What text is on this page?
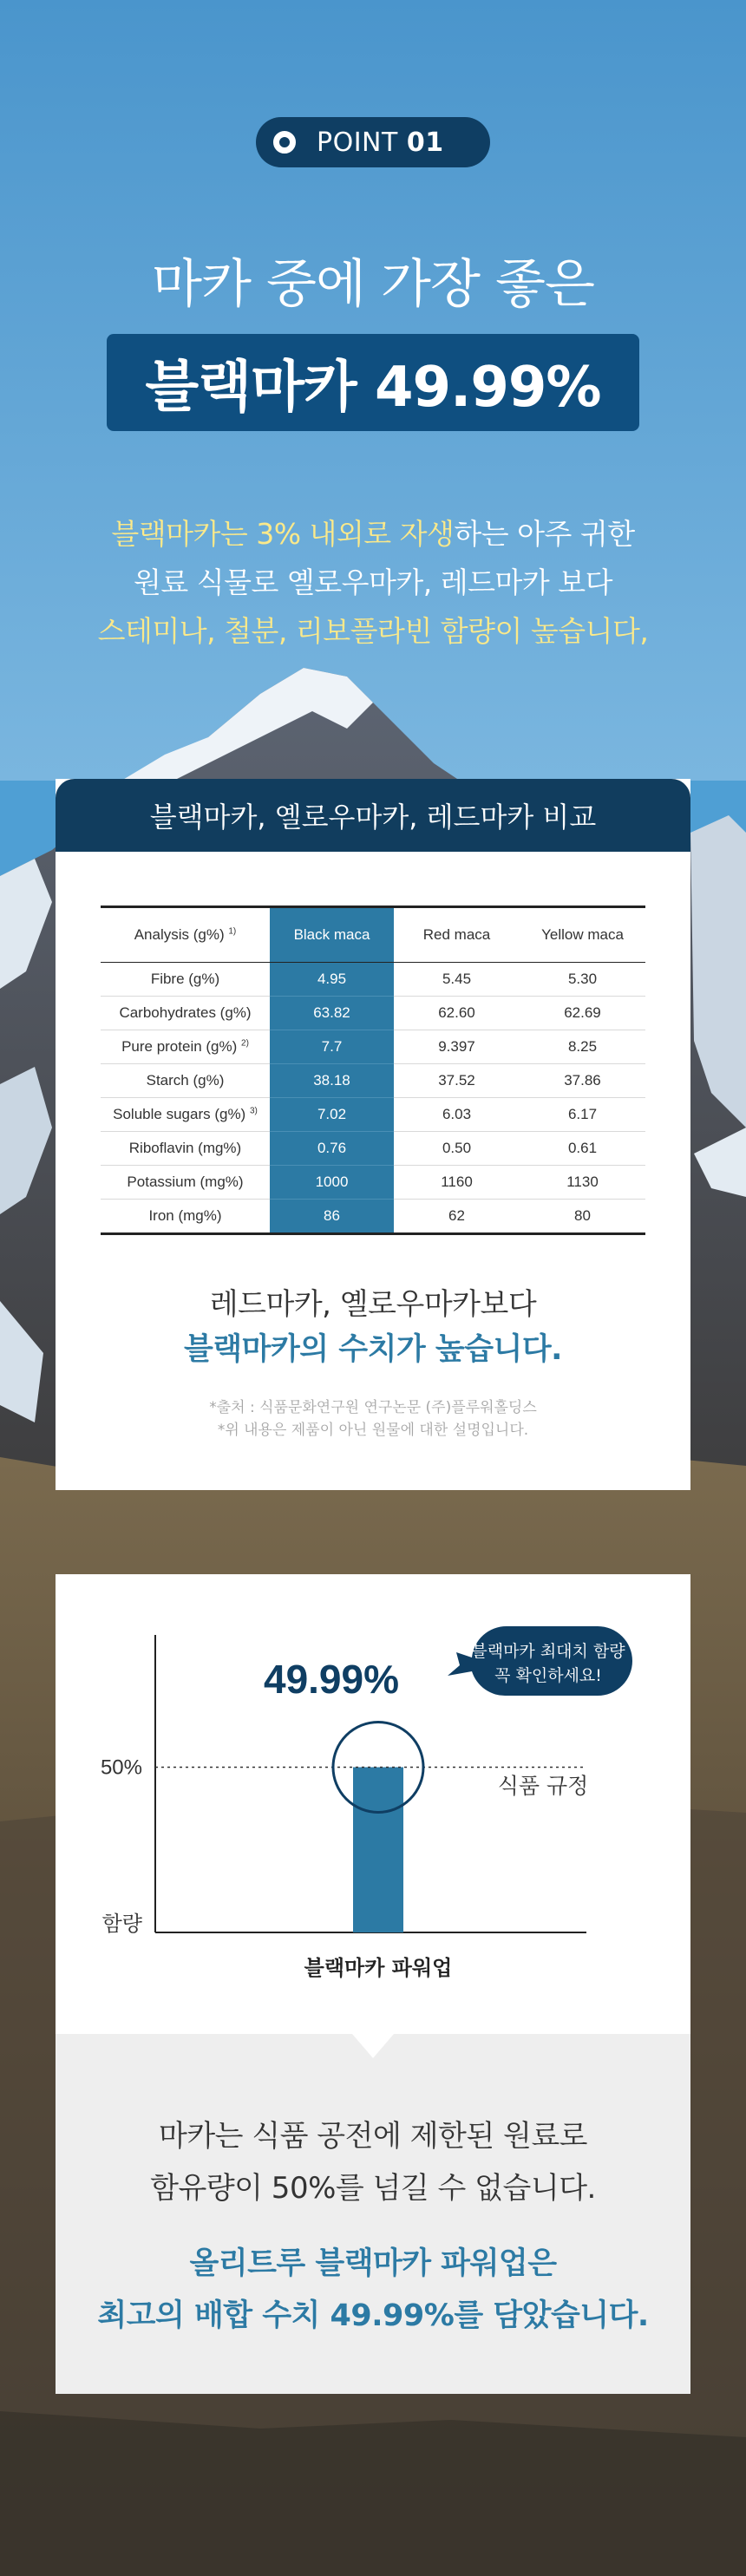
POINT 01
마카 중에 가장 좋은
블랙마카 49.99%
블랙마카는 3% 내외로 자생하는 아주 귀한
원료 식물로 옐로우마카, 레드마카 보다
스테미나, 철분, 리보플라빈 함량이 높습니다,
블랙마카, 옐로우마카, 레드마카 비교
Analysis (g%) $^{1)}$	Black maca	Red maca	Yellow maca
Fibre (g%)	4.95	5.45	5.30
Carbohydrates (g%)	63.82	62.60	62.69
Pure protein (g%) $^{2)}$	7.7	9.397	8.25
Starch (g%)	38.18	37.52	37.86
Soluble sugars (g%) $^{3)}$	7.02	6.03	6.17
Riboflavin (mg%)	0.76	0.50	0.61
Potassium (mg%)	1000	1160	1130
Iron (mg%)	86	62	80
레드마카, 옐로우마카보다
블랙마카의 수치가 높습니다.
*출처 : 식품문화연구원 연구논문 (주)플루워홀딩스
*위 내용은 제품이 아닌 원물에 대한 설명입니다.
50%
함량
식품 규정
블랙마카 파워업
49.99%
블랙마카 최대치 함량
꼭 확인하세요!
마카는 식품 공전에 제한된 원료로
함유량이 50%를 넘길 수 없습니다.
올리트루 블랙마카 파워업은
최고의 배합 수치 49.99%를 담았습니다.
